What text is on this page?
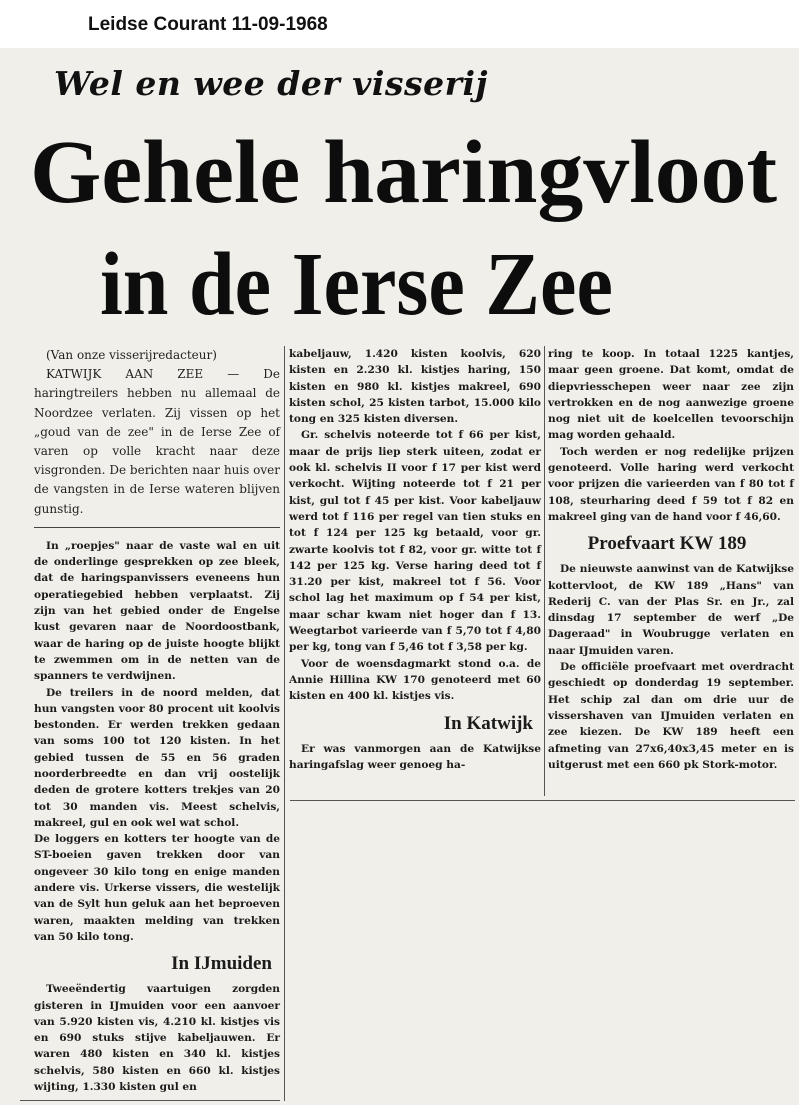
Leidse Courant 11-09-1968
Wel en wee der visserij
Gehele haringvloot
in de Ierse Zee

(Van onze visserijredacteur)

KATWIJK AAN ZEE — De haringtreilers hebben nu allemaal de Noordzee verlaten. Zij vissen op het „goud van de zee" in de Ierse Zee of varen op volle kracht naar deze visgronden. De berichten naar huis over de vangsten in de Ierse wateren blijven gunstig.

In „roepjes" naar de vaste wal en uit de onderlinge gesprekken op zee bleek, dat de haringspanvissers eveneens hun operatiegebied hebben verplaatst. Zij zijn van het gebied onder de Engelse kust gevaren naar de Noordoostbank, waar de haring op de juiste hoogte blijkt te zwemmen om in de netten van de spanners te verdwijnen.

De treilers in de noord melden, dat hun vangsten voor 80 procent uit koolvis bestonden. Er werden trekken gedaan van soms 100 tot 120 kisten. In het gebied tussen de 55 en 56 graden noorderbreedte en dan vrij oostelijk deden de grotere kotters trekjes van 20 tot 30 manden vis. Meest schelvis, makreel, gul en ook wel wat schol.

De loggers en kotters ter hoogte van de ST-boeien gaven trekken door van ongeveer 30 kilo tong en enige manden andere vis. Urkerse vissers, die westelijk van de Sylt hun geluk aan het beproeven waren, maakten melding van trekken van 50 kilo tong.

In IJmuiden

Tweeëndertig vaartuigen zorgden gisteren in IJmuiden voor een aanvoer van 5.920 kisten vis, 4.210 kl. kistjes vis en 690 stuks stijve kabeljauwen. Er waren 480 kisten en 340 kl. kistjes schelvis, 580 kisten en 660 kl. kistjes wijting, 1.330 kisten gul en

kabeljauw, 1.420 kisten koolvis, 620 kisten en 2.230 kl. kistjes haring, 150 kisten en 980 kl. kistjes makreel, 690 kisten schol, 25 kisten tarbot, 15.000 kilo tong en 325 kisten diversen.

Gr. schelvis noteerde tot f 66 per kist, maar de prijs liep sterk uiteen, zodat er ook kl. schelvis II voor f 17 per kist werd verkocht. Wijting noteerde tot f 21 per kist, gul tot f 45 per kist. Voor kabeljauw werd tot f 116 per regel van tien stuks en tot f 124 per 125 kg betaald, voor gr. zwarte koolvis tot f 82, voor gr. witte tot f 142 per 125 kg. Verse haring deed tot f 31.20 per kist, makreel tot f 56. Voor schol lag het maximum op f 54 per kist, maar schar kwam niet hoger dan f 13. Weegtarbot varieerde van f 5,70 tot f 4,80 per kg, tong van f 5,46 tot f 3,58 per kg.

Voor de woensdagmarkt stond o.a. de Annie Hillina KW 170 genoteerd met 60 kisten en 400 kl. kistjes vis.

In Katwijk

Er was vanmorgen aan de Katwijkse haringafslag weer genoeg ha-

ring te koop. In totaal 1225 kantjes, maar geen groene. Dat komt, omdat de diepvriesschepen weer naar zee zijn vertrokken en de nog aanwezige groene nog niet uit de koelcellen tevoorschijn mag worden gehaald.

Toch werden er nog redelijke prijzen genoteerd. Volle haring werd verkocht voor prijzen die varieerden van f 80 tot f 108, steurharing deed f 59 tot f 82 en makreel ging van de hand voor f 46,60.

Proefvaart KW 189

De nieuwste aanwinst van de Katwijkse kottervloot, de KW 189 „Hans" van Rederij C. van der Plas Sr. en Jr., zal dinsdag 17 september de werf „De Dageraad" in Woubrugge verlaten en naar IJmuiden varen.

De officiële proefvaart met overdracht geschiedt op donderdag 19 september. Het schip zal dan om drie uur de vissershaven van IJmuiden verlaten en zee kiezen. De KW 189 heeft een afmeting van 27x6,40x3,45 meter en is uitgerust met een 660 pk Stork-motor.
